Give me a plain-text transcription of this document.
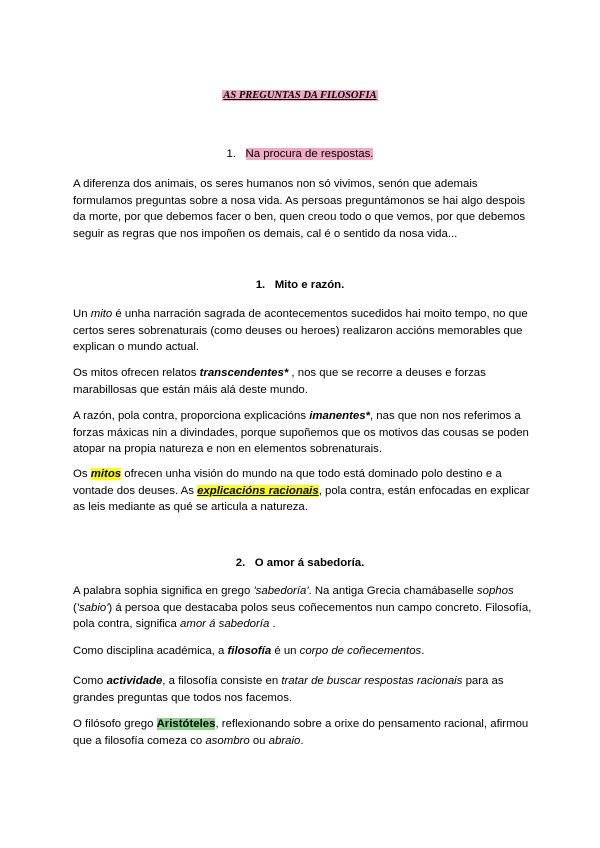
AS PREGUNTAS DA FILOSOFIA
1. Na procura de respostas.

A diferenza dos animais, os seres humanos non só vivimos, senón que ademais formulamos preguntas sobre a nosa vida. As persoas preguntámonos se hai algo despois da morte, por que debemos facer o ben, quen creou todo o que vemos, por que debemos seguir as regras que nos impoñen os demais, cal é o sentido da nosa vida...

1. Mito e razón.

Un mito é unha narración sagrada de acontecementos sucedidos hai moito tempo, no que certos seres sobrenaturais (como deuses ou heroes) realizaron accións memorables que explican o mundo actual.

Os mitos ofrecen relatos transcendentes* , nos que se recorre a deuses e forzas marabillosas que están máis alá deste mundo.

A razón, pola contra, proporciona explicacións imanentes*, nas que non nos referimos a forzas máxicas nin a divindades, porque supoñemos que os motivos das cousas se poden atopar na propia natureza e non en elementos sobrenaturais.

Os mitos ofrecen unha visión do mundo na que todo está dominado polo destino e a vontade dos deuses. As explicacións racionais, pola contra, están enfocadas en explicar as leis mediante as qué se articula a natureza.

2. O amor á sabedoría.

A palabra sophia significa en grego 'sabedoría'. Na antiga Grecia chamábaselle sophos ('sabio') á persoa que destacaba polos seus coñecementos nun campo concreto. Filosofía, pola contra, significa amor á sabedoría .

Como disciplina académica, a filosofía é un corpo de coñecementos.

Como actividade, a filosofía consiste en tratar de buscar respostas racionais para as grandes preguntas que todos nos facemos.

O filósofo grego Aristóteles, reflexionando sobre a orixe do pensamento racional, afirmou que a filosofía comeza co asombro ou abraio.
